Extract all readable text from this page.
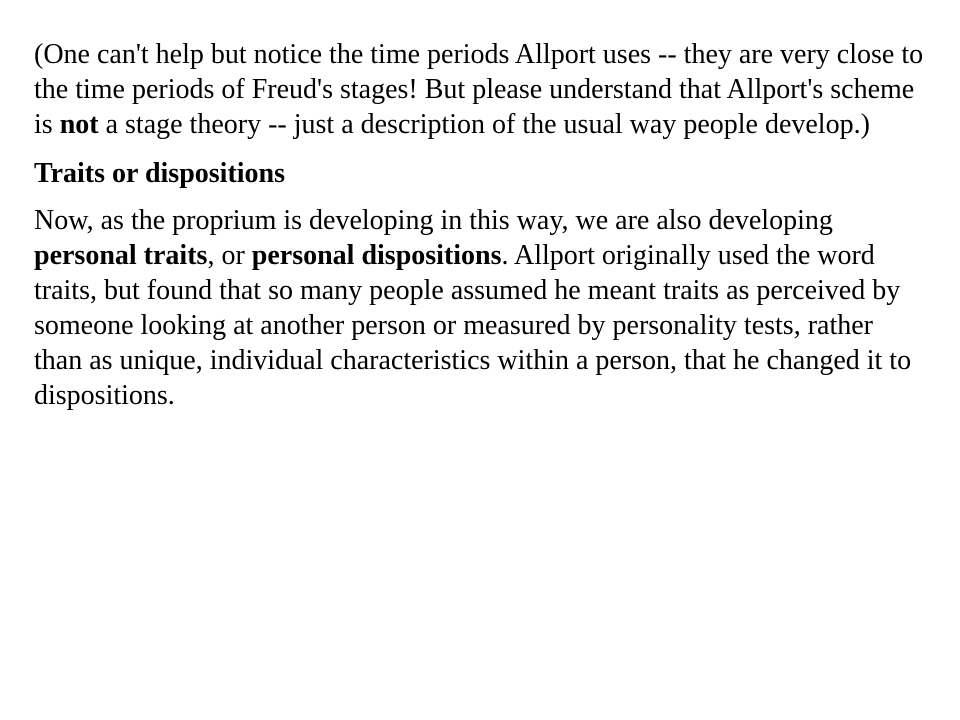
(One can't help but notice the time periods Allport uses -- they are very close to the time periods of Freud's stages! But please understand that Allport's scheme is not a stage theory -- just a description of the usual way people develop.)

Traits or dispositions

Now, as the proprium is developing in this way, we are also developing personal traits, or personal dispositions. Allport originally used the word traits, but found that so many people assumed he meant traits as perceived by someone looking at another person or measured by personality tests, rather than as unique, individual characteristics within a person, that he changed it to dispositions.
